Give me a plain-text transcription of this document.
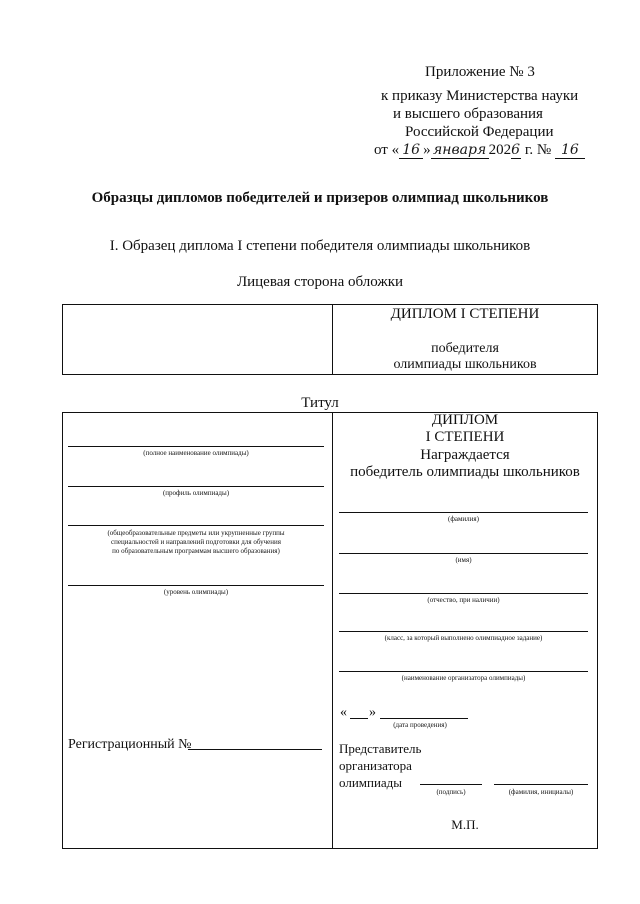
Приложение № 3
к приказу Министерства науки
и высшего образования
Российской Федерации
от « 16 » января 2026 г. № 16
Образцы дипломов победителей и призеров олимпиад школьников
I. Образец диплома I степени победителя олимпиады школьников
Лицевая сторона обложки
ДИПЛОМ I СТЕПЕНИ
победителя
олимпиады школьников
Титул
(полное наименование олимпиады)
(профиль олимпиады)
(общеобразовательные предметы или укрупненные группы
специальностей и направлений подготовки для обучения
по образовательным программам высшего образования)
(уровень олимпиады)
Регистрационный №
ДИПЛОМ
I СТЕПЕНИ
Награждается
победитель олимпиады школьников
(фамилия)
(имя)
(отчество, при наличии)
(класс, за который выполнено олимпиадное задание)
(наименование организатора олимпиады)
« »
(дата проведения)
Представитель
организатора
олимпиады
(подпись)	(фамилия, инициалы)
М.П.
